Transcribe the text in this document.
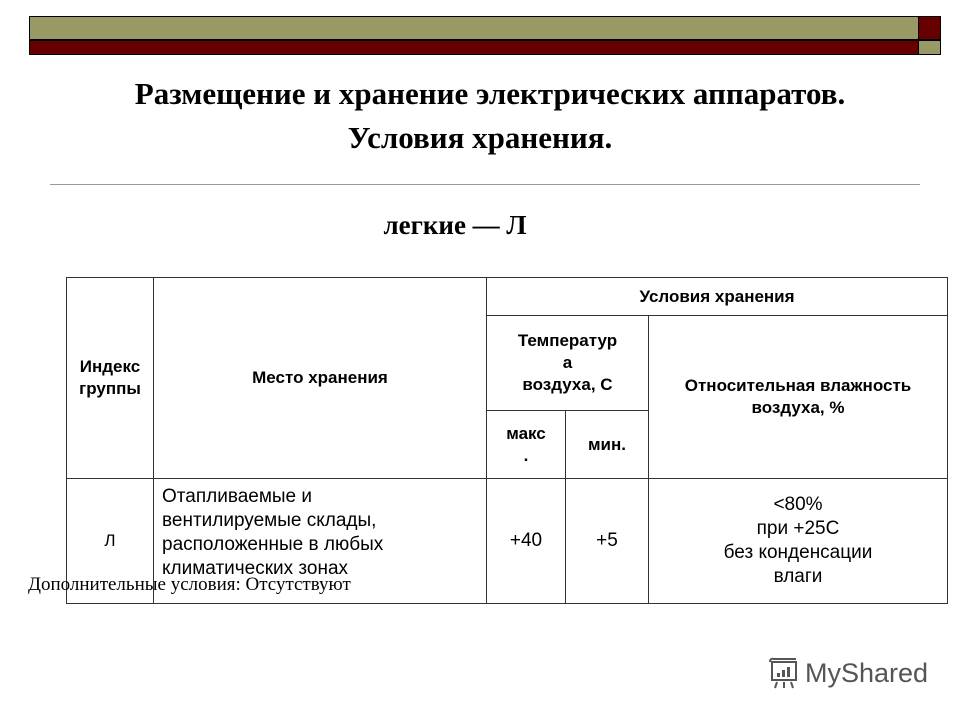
Размещение и хранение электрических аппаратов.
Условия хранения.
легкие — Л
Индекс группы
Место хранения
Условия хранения
Температур
а
воздуха, С	Относительная влажность воздуха, %
макс
.
мин.
Л
Отапливаемые и
вентилируемые склады,
расположенные в любых
климатических зонах
+40	+5
<80%
при +25С
без конденсации
влаги
Дополнительные условия: Отсутствуют
MyShared
